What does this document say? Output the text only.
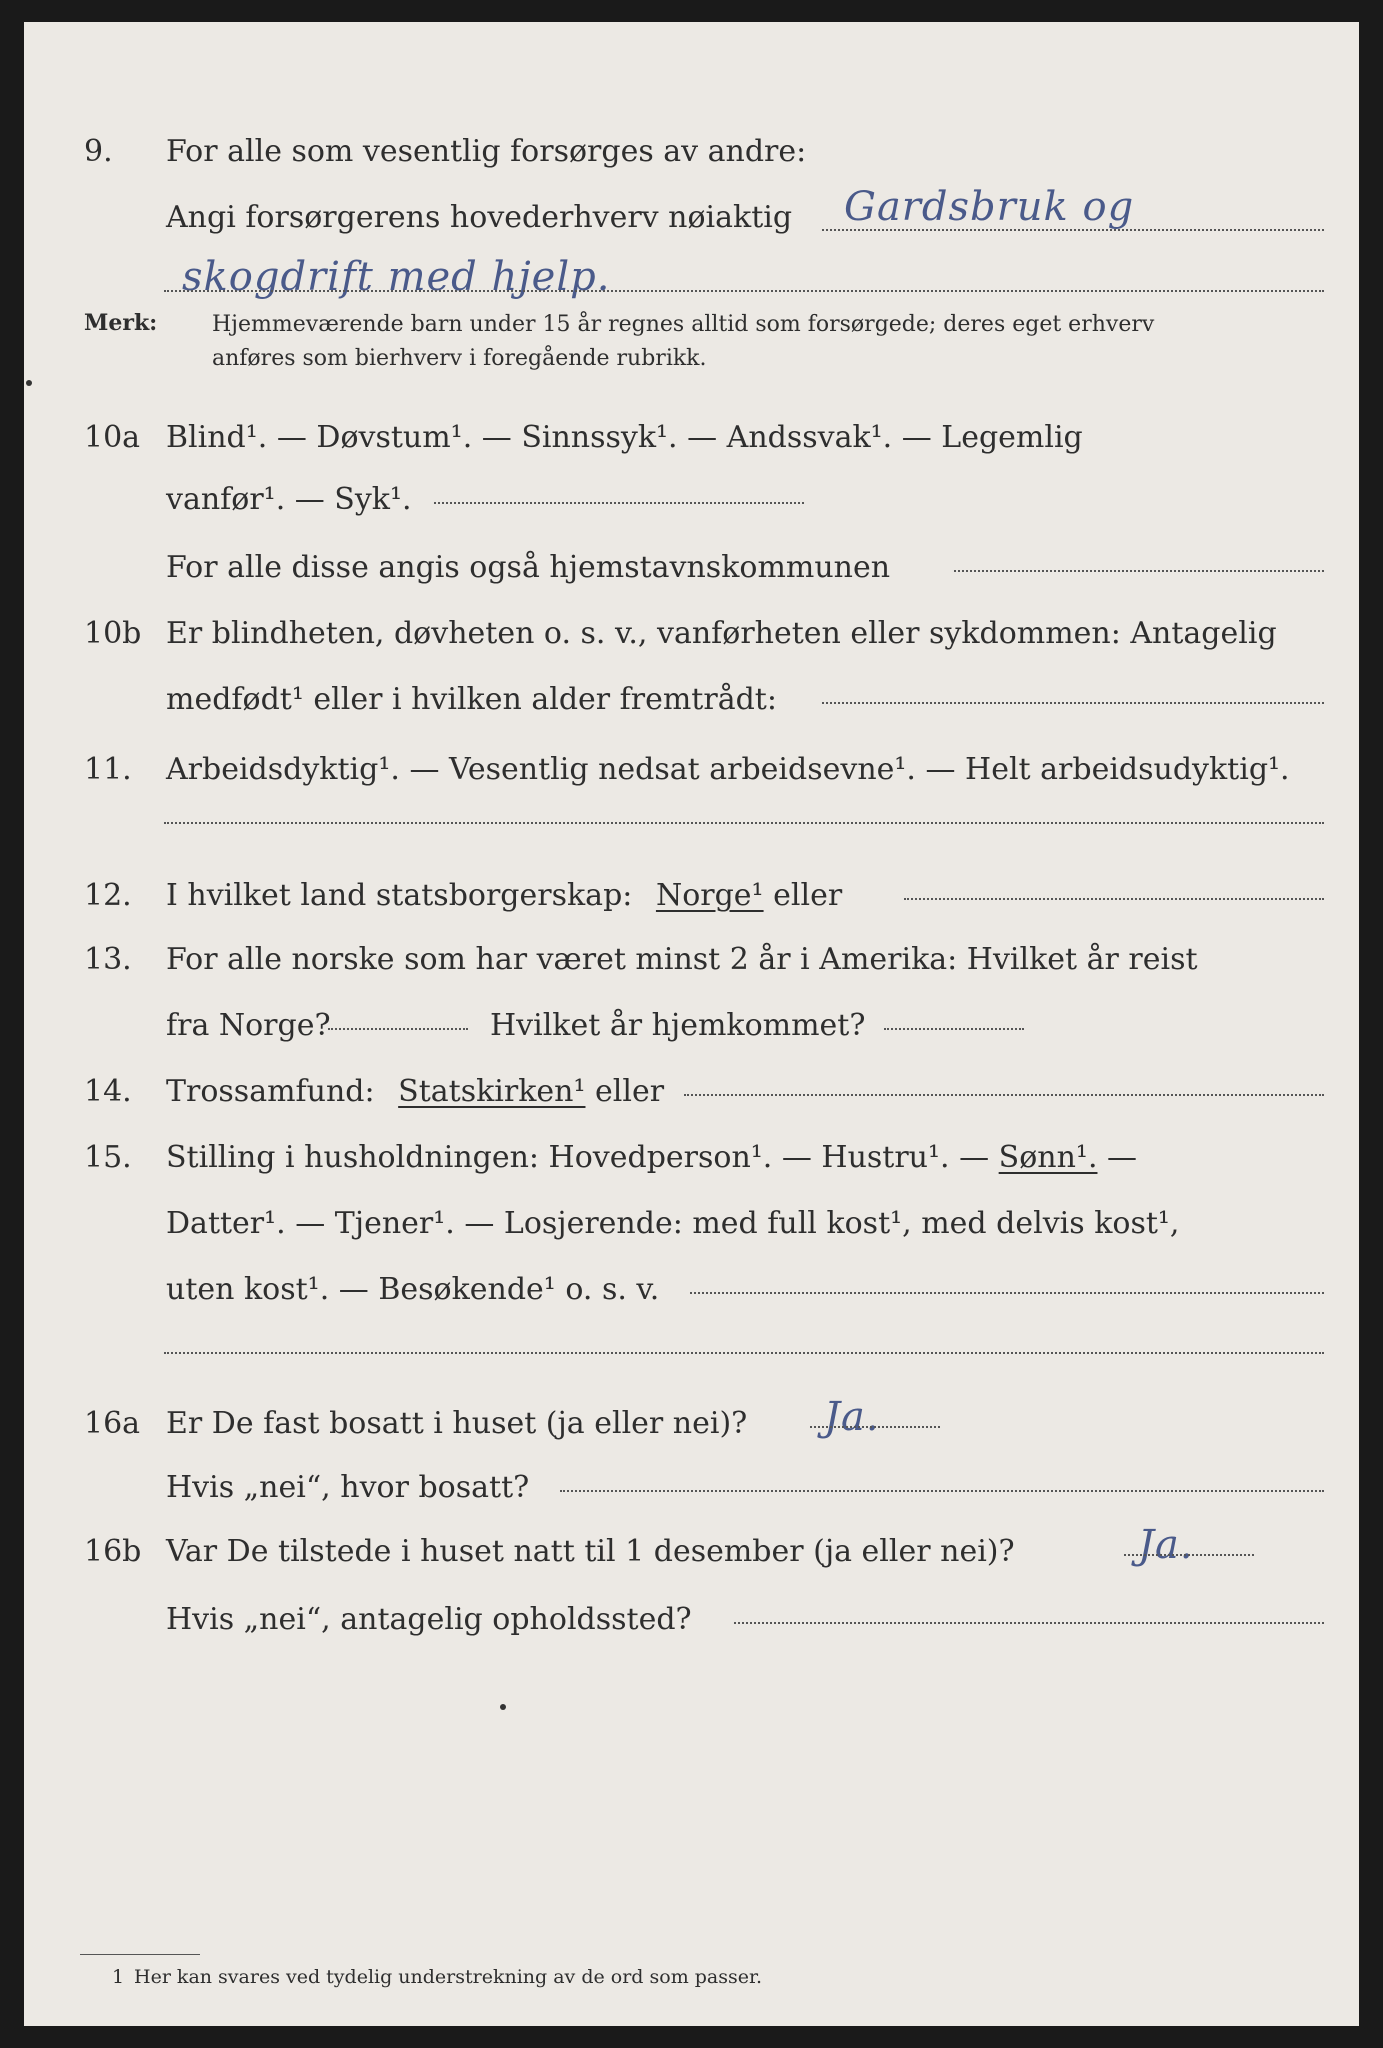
9. For alle som vesentlig forsørges av andre:
Angi forsørgerens hovederhverv nøiaktig Gardsbruk og
skogdrift med hjelp.
Merk: Hjemmeværende barn under 15 år regnes alltid som forsørgede; deres eget erhverv
anføres som bierhverv i foregående rubrikk.
10a Blind¹. — Døvstum¹. — Sinnssyk¹. — Andssvak¹. — Legemlig
vanfør¹. — Syk¹.
For alle disse angis også hjemstavnskommunen
10b Er blindheten, døvheten o. s. v., vanførheten eller sykdommen: Antagelig
medfødt¹ eller i hvilken alder fremtrådt:
11. Arbeidsdyktig¹. — Vesentlig nedsat arbeidsevne¹. — Helt arbeidsudyktig¹.
12. I hvilket land statsborgerskap: Norge¹ eller
13. For alle norske som har været minst 2 år i Amerika: Hvilket år reist
fra Norge?	Hvilket år hjemkommet?
14. Trossamfund: Statskirken¹ eller
15. Stilling i husholdningen: Hovedperson¹. — Hustru¹. — Sønn¹. —
Datter¹. — Tjener¹. — Losjerende: med full kost¹, med delvis kost¹,
uten kost¹. — Besøkende¹ o. s. v.
16a Er De fast bosatt i huset (ja eller nei)? Ja.
Hvis „nei“, hvor bosatt?
16b Var De tilstede i huset natt til 1 desember (ja eller nei)?	Ja.
Hvis „nei“, antagelig opholdssted?
1 Her kan svares ved tydelig understrekning av de ord som passer.
